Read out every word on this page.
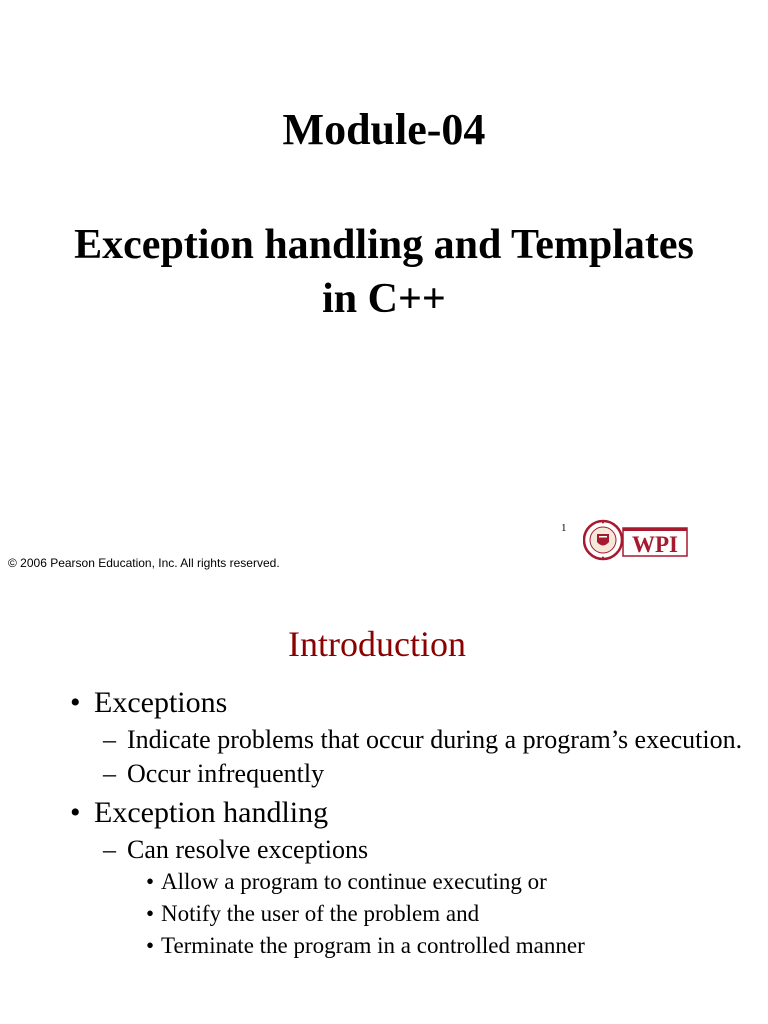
Module-04
Exception handling and Templates
in C++
1
WPI
© 2006 Pearson Education, Inc. All rights reserved.
Introduction
• Exceptions
– Indicate problems that occur during a program’s execution.
– Occur infrequently
• Exception handling
– Can resolve exceptions
• Allow a program to continue executing or
• Notify the user of the problem and
• Terminate the program in a controlled manner
